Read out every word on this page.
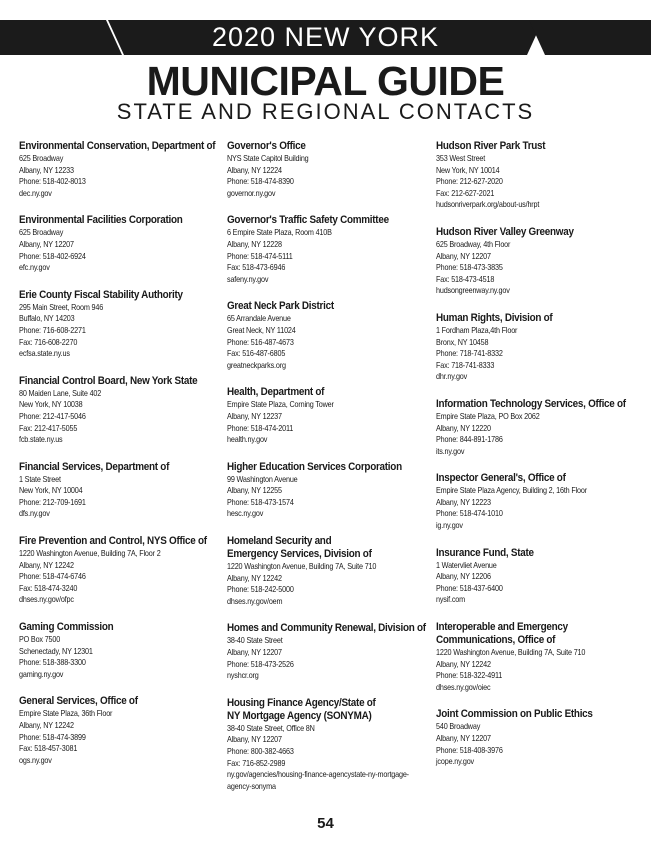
2020 NEW YORK
MUNICIPAL GUIDE
STATE AND REGIONAL CONTACTS
Environmental Conservation, Department of
625 Broadway
Albany, NY 12233
Phone: 518-402-8013
dec.ny.gov
Environmental Facilities Corporation
625 Broadway
Albany, NY 12207
Phone: 518-402-6924
efc.ny.gov
Erie County Fiscal Stability Authority
295 Main Street, Room 946
Buffalo, NY 14203
Phone: 716-608-2271
Fax: 716-608-2270
ecfsa.state.ny.us
Financial Control Board, New York State
80 Maiden Lane, Suite 402
New York, NY 10038
Phone: 212-417-5046
Fax: 212-417-5055
fcb.state.ny.us
Financial Services, Department of
1 State Street
New York, NY 10004
Phone: 212-709-1691
dfs.ny.gov
Fire Prevention and Control, NYS Office of
1220 Washington Avenue, Building 7A, Floor 2
Albany, NY 12242
Phone: 518-474-6746
Fax: 518-474-3240
dhses.ny.gov/ofpc
Gaming Commission
PO Box 7500
Schenectady, NY 12301
Phone: 518-388-3300
gaming.ny.gov
General Services, Office of
Empire State Plaza, 36th Floor
Albany, NY 12242
Phone: 518-474-3899
Fax: 518-457-3081
ogs.ny.gov
Governor's Office
NYS State Capitol Building
Albany, NY 12224
Phone: 518-474-8390
governor.ny.gov
Governor's Traffic Safety Committee
6 Empire State Plaza, Room 410B
Albany, NY 12228
Phone: 518-474-5111
Fax: 518-473-6946
safeny.ny.gov
Great Neck Park District
65 Arrandale Avenue
Great Neck, NY 11024
Phone: 516-487-4673
Fax: 516-487-6805
greatneckparks.org
Health, Department of
Empire State Plaza, Corning Tower
Albany, NY 12237
Phone: 518-474-2011
health.ny.gov
Higher Education Services Corporation
99 Washington Avenue
Albany, NY 12255
Phone: 518-473-1574
hesc.ny.gov
Homeland Security and
Emergency Services, Division of
1220 Washington Avenue, Building 7A, Suite 710
Albany, NY 12242
Phone: 518-242-5000
dhses.ny.gov/oem
Homes and Community Renewal, Division of
38-40 State Street
Albany, NY 12207
Phone: 518-473-2526
nyshcr.org
Housing Finance Agency/State of
NY Mortgage Agency (SONYMA)
38-40 State Street, Office 8N
Albany, NY 12207
Phone: 800-382-4663
Fax: 716-852-2989
ny.gov/agencies/housing-finance-agencystate-ny-mortgage-
agency-sonyma
Hudson River Park Trust
353 West Street
New York, NY 10014
Phone: 212-627-2020
Fax: 212-627-2021
hudsonriverpark.org/about-us/hrpt
Hudson River Valley Greenway
625 Broadway, 4th Floor
Albany, NY 12207
Phone: 518-473-3835
Fax: 518-473-4518
hudsongreenway.ny.gov
Human Rights, Division of
1 Fordham Plaza,4th Floor
Bronx, NY 10458
Phone: 718-741-8332
Fax: 718-741-8333
dhr.ny.gov
Information Technology Services, Office of
Empire State Plaza, PO Box 2062
Albany, NY 12220
Phone: 844-891-1786
its.ny.gov
Inspector General's, Office of
Empire State Plaza Agency, Building 2, 16th Floor
Albany, NY 12223
Phone: 518-474-1010
ig.ny.gov
Insurance Fund, State
1 Watervliet Avenue
Albany, NY 12206
Phone: 518-437-6400
nysif.com
Interoperable and Emergency
Communications, Office of
1220 Washington Avenue, Building 7A, Suite 710
Albany, NY 12242
Phone: 518-322-4911
dhses.ny.gov/oiec
Joint Commission on Public Ethics
540 Broadway
Albany, NY 12207
Phone: 518-408-3976
jcope.ny.gov
54
